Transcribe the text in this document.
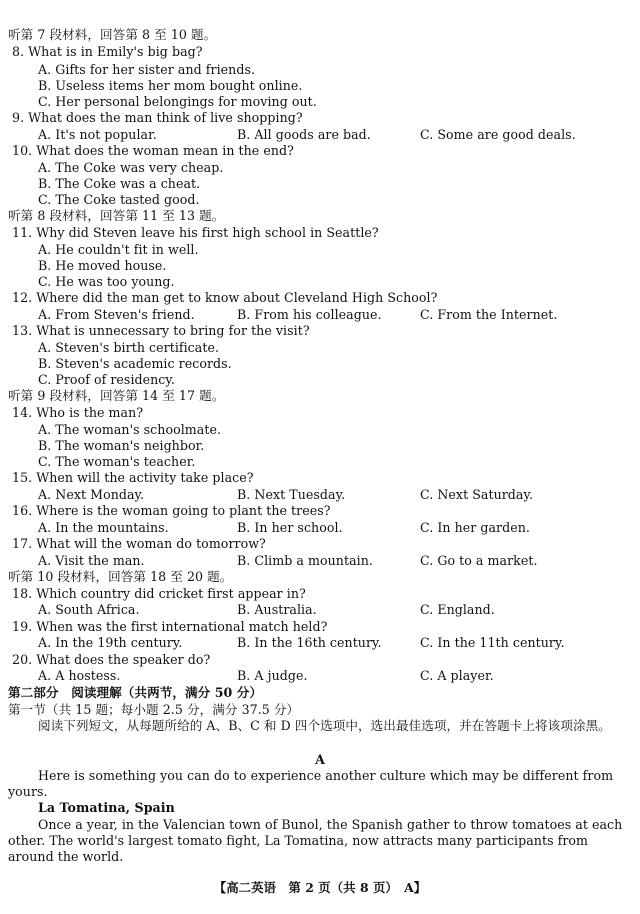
听第 7 段材料，回答第 8 至 10 题。
8. What is in Emily's big bag?
A. Gifts for her sister and friends.
B. Useless items her mom bought online.
C. Her personal belongings for moving out.
9. What does the man think of live shopping?
A. It's not popular.	B. All goods are bad.	C. Some are good deals.
10. What does the woman mean in the end?
A. The Coke was very cheap.
B. The Coke was a cheat.
C. The Coke tasted good.
听第 8 段材料，回答第 11 至 13 题。
11. Why did Steven leave his first high school in Seattle?
A. He couldn't fit in well.
B. He moved house.
C. He was too young.
12. Where did the man get to know about Cleveland High School?
A. From Steven's friend.	B. From his colleague.	C. From the Internet.
13. What is unnecessary to bring for the visit?
A. Steven's birth certificate.
B. Steven's academic records.
C. Proof of residency.
听第 9 段材料，回答第 14 至 17 题。
14. Who is the man?
A. The woman's schoolmate.
B. The woman's neighbor.
C. The woman's teacher.
15. When will the activity take place?
A. Next Monday.	B. Next Tuesday.	C. Next Saturday.
16. Where is the woman going to plant the trees?
A. In the mountains.	B. In her school.	C. In her garden.
17. What will the woman do tomorrow?
A. Visit the man.	B. Climb a mountain.	C. Go to a market.
听第 10 段材料，回答第 18 至 20 题。
18. Which country did cricket first appear in?
A. South Africa.	B. Australia.	C. England.
19. When was the first international match held?
A. In the 19th century.	B. In the 16th century.	C. In the 11th century.
20. What does the speaker do?
A. A hostess.	B. A judge.	C. A player.
第二部分　阅读理解（共两节，满分 50 分）
第一节（共 15 题；每小题 2.5 分，满分 37.5 分）
阅读下列短文，从每题所给的 A、B、C 和 D 四个选项中，选出最佳选项，并在答题卡上将该项涂黑。
A
Here is something you can do to experience another culture which may be different from yours.
La Tomatina, Spain
Once a year, in the Valencian town of Bunol, the Spanish gather to throw tomatoes at each other. The world's largest tomato fight, La Tomatina, now attracts many participants from around the world.
【高二英语　第 2 页（共 8 页）　A】
